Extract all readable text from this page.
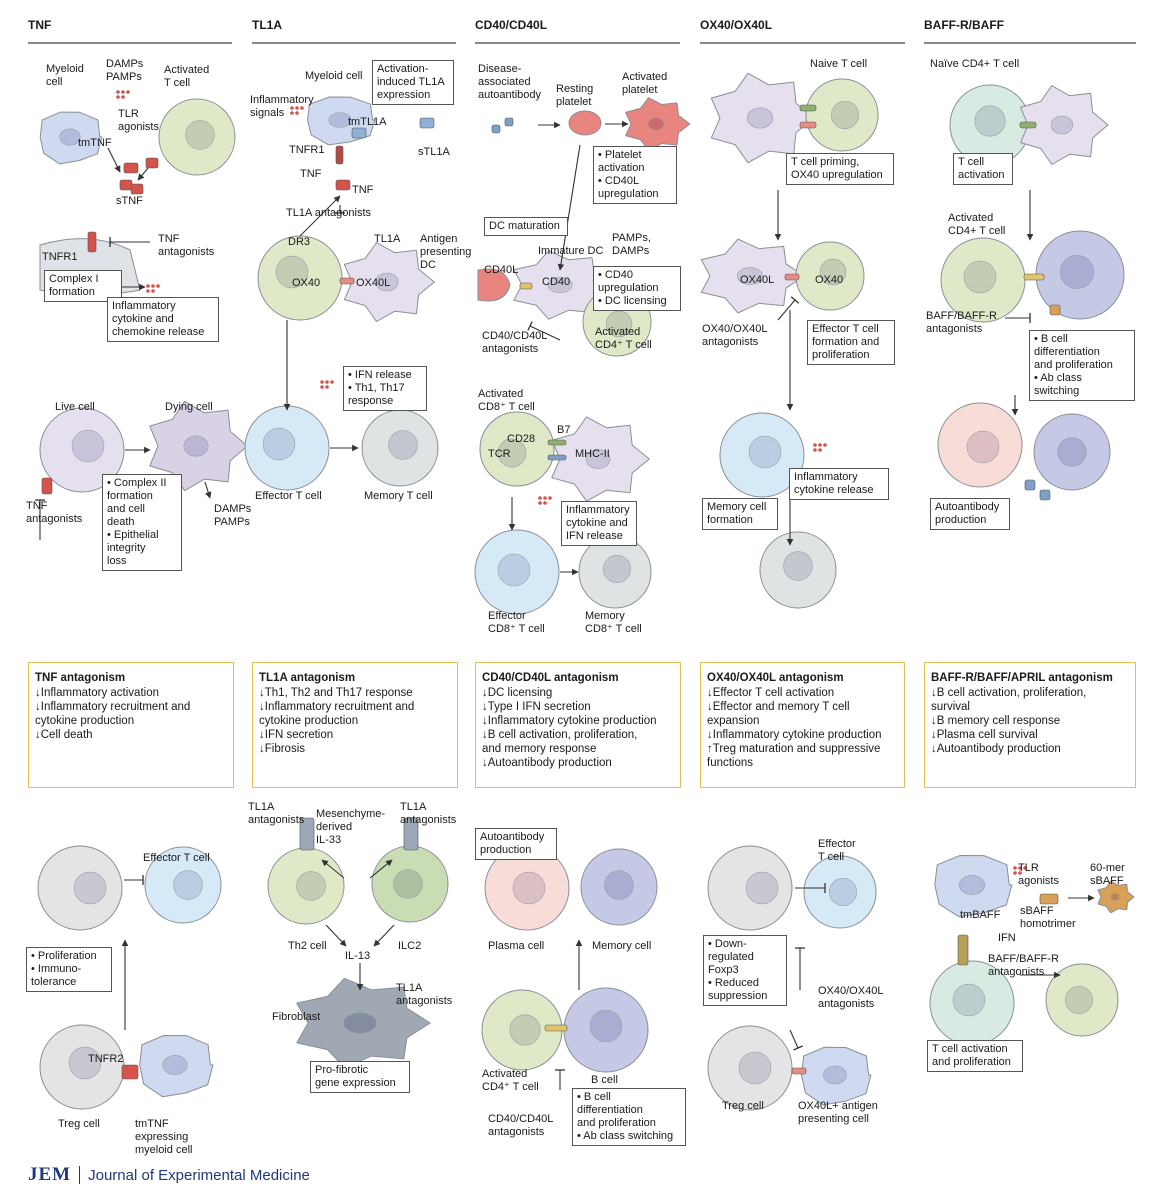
TNF	TL1A	CD40/CD40L	OX40/OX40L	BAFF-R/BAFF
Myeloid
cell
DAMPs
PAMPs
Activated
T cell
TLR
agonists
tmTNF
sTNF
TNFR1
TNF
antagonists
Live cell	Dying cell
TNF
antagonists
DAMPs
PAMPs
Myeloid cell
Inflammatory
signals
tmTL1A
sTL1A
TNFR1
TNF
TNF
TL1A antagonists
DR3	TL1A Antigen
presenting
DC
OX40	OX40L
Effector T cell	Memory T cell
Disease-
associated
autoantibody Resting
platelet
Activated
platelet
Immature DC
PAMPs,
DAMPs
CD40L
CD40
CD40/CD40L
antagonists
Activated
CD4⁺ T cell
Activated
CD8⁺ T cell
CD28
B7
TCR	MHC-II
Effector
CD8⁺ T cell
Memory
CD8⁺ T cell
Naive T cell
OX40L	OX40
OX40/OX40L
antagonists
Naïve CD4+ T cell
Activated
CD4+ T cell
BAFF/BAFF-R
antagonists
Effector T cell
TNFR2
Treg cell	tmTNF
expressing
myeloid cell
TL1A
antagonists Mesenchyme-
derived
IL-33
TL1A
antagonists
Th2 cell	ILC2
IL-13
TL1A
antagonists
Fibroblast
Plasma cell	Memory cell
Activated
CD4⁺ T cell
B cell
CD40/CD40L
antagonists
Effector
T cell
OX40/OX40L
antagonists
Treg cell	OX40L+ antigen
presenting cell
TLR
agonists
60-mer
sBAFF
tmBAFF sBAFF
homotrimer
IFN
BAFF/BAFF-R
antagonists
Complex I
formation
Inflammatory
cytokine and
chemokine release
• Complex II
formation
and cell
death
• Epithelial
integrity
loss
Activation-
induced TL1A
expression
• IFN release
• Th1, Th17
response
• Platelet
activation
• CD40L
upregulation
DC maturation
• CD40
upregulation
• DC licensing
Inflammatory
cytokine and
IFN release
T cell priming,
OX40 upregulation
Effector T cell
formation and
proliferation
Inflammatory
cytokine release
Memory cell
formation
T cell
activation
• B cell
differentiation
and proliferation
• Ab class
switching
Autoantibody
production
• Proliferation
• Immuno-
tolerance
Pro-fibrotic
gene expression
Autoantibody
production
• B cell
differentiation
and proliferation
• Ab class switching
• Down-
regulated
Foxp3
• Reduced
suppression
T cell activation
and proliferation
TNF antagonism
↓Inflammatory activation
↓Inflammatory recruitment and
cytokine production
↓Cell death
TL1A antagonism
↓Th1, Th2 and Th17 response
↓Inflammatory recruitment and
cytokine production
↓IFN secretion
↓Fibrosis
CD40/CD40L antagonism
↓DC licensing
↓Type I IFN secretion
↓Inflammatory cytokine production
↓B cell activation, proliferation,
and memory response
↓Autoantibody production
OX40/OX40L antagonism
↓Effector T cell activation
↓Effector and memory T cell
expansion
↓Inflammatory cytokine production
↑Treg maturation and suppressive
functions
BAFF-R/BAFF/APRIL antagonism
↓B cell activation, proliferation,
survival
↓B memory cell response
↓Plasma cell survival
↓Autoantibody production
JEM Journal of Experimental Medicine
